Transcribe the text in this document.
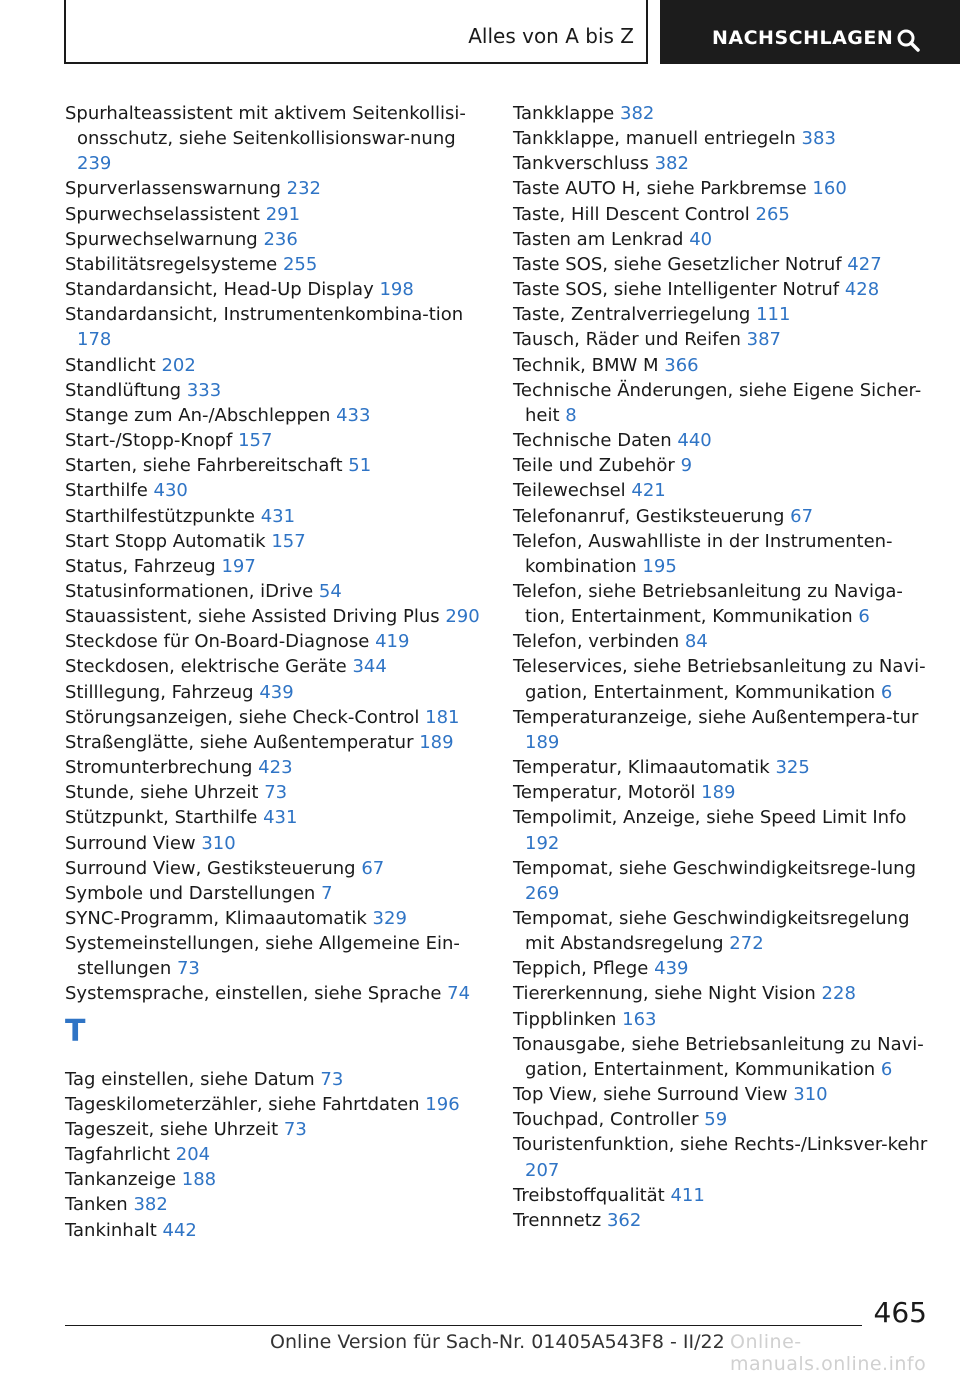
Alles von A bis Z	NACHSCHLAGEN

Spurhalteassistent mit aktivem Seitenkollisi-onsschutz, siehe Seitenkollisionswar-nung 239

Spurverlassenswarnung 232

Spurwechselassistent 291

Spurwechselwarnung 236

Stabilitätsregelsysteme 255

Standardansicht, Head-Up Display 198

Standardansicht, Instrumentenkombina-tion 178

Standlicht 202

Standlüftung 333

Stange zum An-/Abschleppen 433

Start-/Stopp-Knopf 157

Starten, siehe Fahrbereitschaft 51

Starthilfe 430

Starthilfestützpunkte 431

Start Stopp Automatik 157

Status, Fahrzeug 197

Statusinformationen, iDrive 54

Stauassistent, siehe Assisted Driving Plus 290

Steckdose für On-Board-Diagnose 419

Steckdosen, elektrische Geräte 344

Stilllegung, Fahrzeug 439

Störungsanzeigen, siehe Check-Control 181

Straßenglätte, siehe Außentemperatur 189

Stromunterbrechung 423

Stunde, siehe Uhrzeit 73

Stützpunkt, Starthilfe 431

Surround View 310

Surround View, Gestiksteuerung 67

Symbole und Darstellungen 7

SYNC-Programm, Klimaautomatik 329

Systemeinstellungen, siehe Allgemeine Ein-stellungen 73

Systemsprache, einstellen, siehe Sprache 74

T

Tag einstellen, siehe Datum 73

Tageskilometerzähler, siehe Fahrtdaten 196

Tageszeit, siehe Uhrzeit 73

Tagfahrlicht 204

Tankanzeige 188

Tanken 382

Tankinhalt 442

Tankklappe 382

Tankklappe, manuell entriegeln 383

Tankverschluss 382

Taste AUTO H, siehe Parkbremse 160

Taste, Hill Descent Control 265

Tasten am Lenkrad 40

Taste SOS, siehe Gesetzlicher Notruf 427

Taste SOS, siehe Intelligenter Notruf 428

Taste, Zentralverriegelung 111

Tausch, Räder und Reifen 387

Technik, BMW M 366

Technische Änderungen, siehe Eigene Sicher-heit 8

Technische Daten 440

Teile und Zubehör 9

Teilewechsel 421

Telefonanruf, Gestiksteuerung 67

Telefon, Auswahlliste in der Instrumenten-kombination 195

Telefon, siehe Betriebsanleitung zu Naviga-tion, Entertainment, Kommunikation 6

Telefon, verbinden 84

Teleservices, siehe Betriebsanleitung zu Navi-gation, Entertainment, Kommunikation 6

Temperaturanzeige, siehe Außentempera-tur 189

Temperatur, Klimaautomatik 325

Temperatur, Motoröl 189

Tempolimit, Anzeige, siehe Speed Limit Info 192

Tempomat, siehe Geschwindigkeitsrege-lung 269

Tempomat, siehe Geschwindigkeitsregelung mit Abstandsregelung 272

Teppich, Pflege 439

Tiererkennung, siehe Night Vision 228

Tippblinken 163

Tonausgabe, siehe Betriebsanleitung zu Navi-gation, Entertainment, Kommunikation 6

Top View, siehe Surround View 310

Touchpad, Controller 59

Touristenfunktion, siehe Rechts-/Linksver-kehr 207

Treibstoffqualität 411

Trennnetz 362

465
Online Version für Sach-Nr. 01405A543F8 - II/22 Online-manuals.online.info
